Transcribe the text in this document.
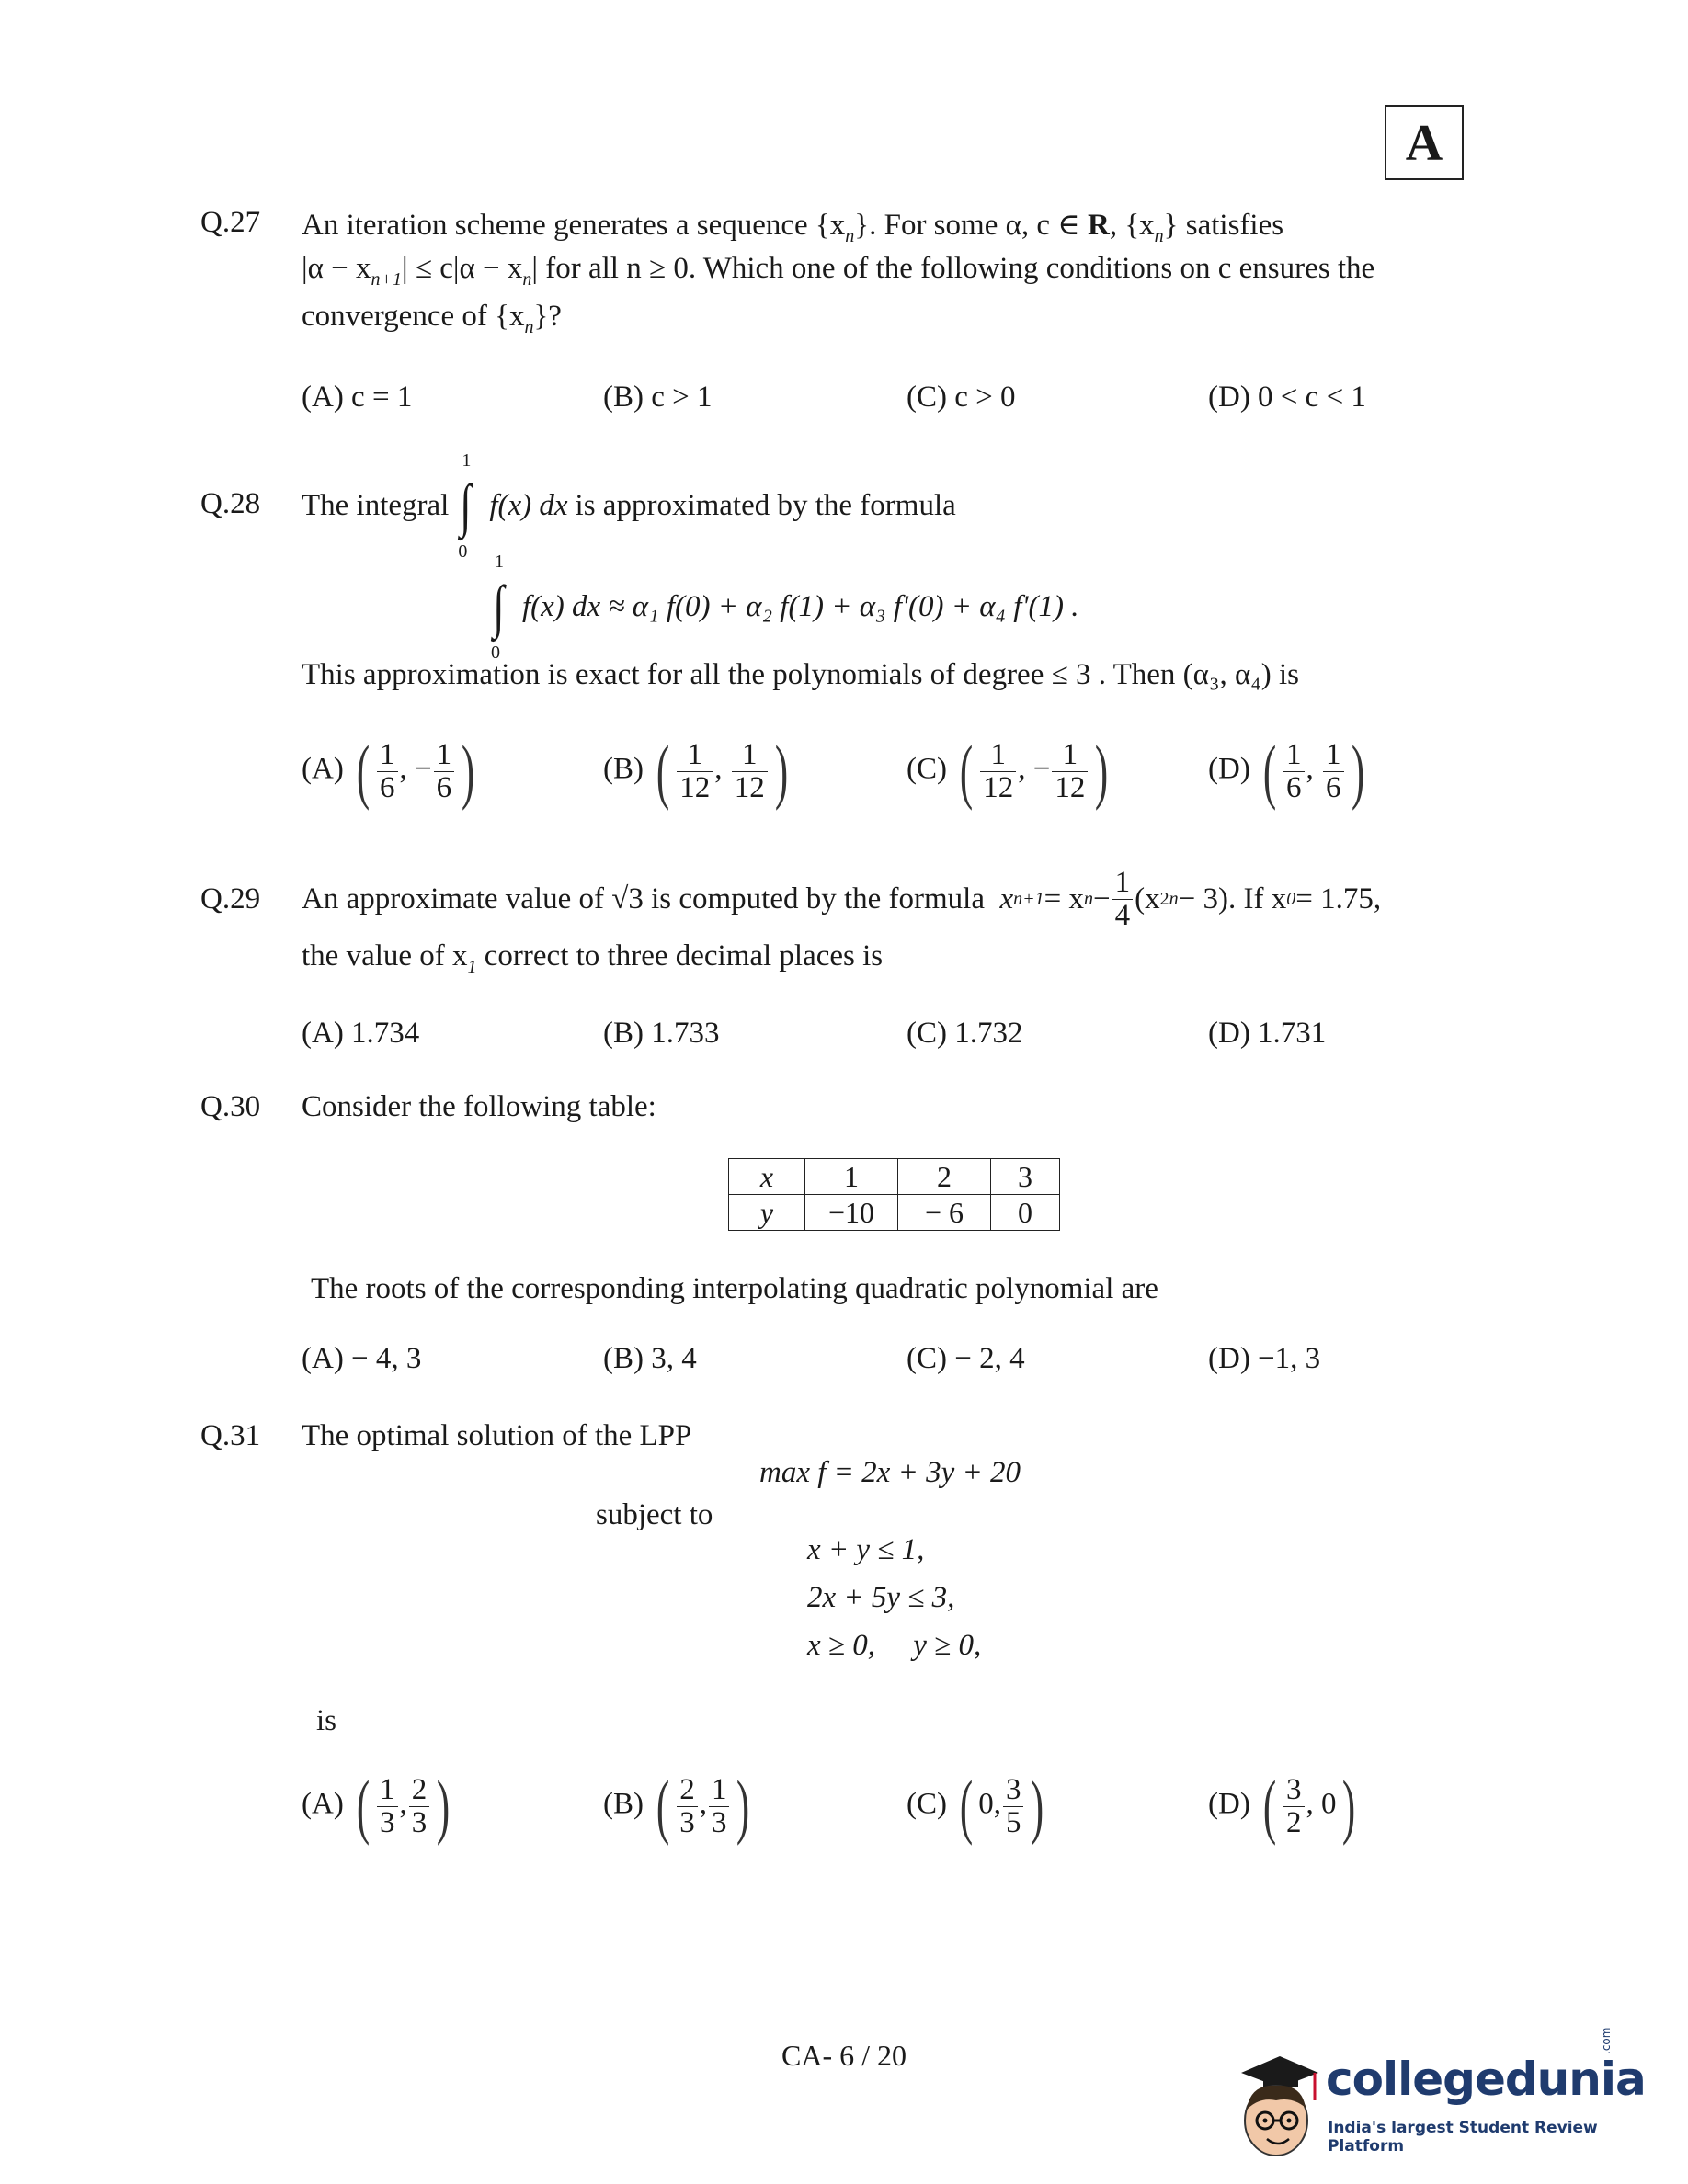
A
Q.27 An iteration scheme generates a sequence $\{x_n\}$. For some α, c ∈ R, $\{x_n\}$ satisfies
$|\alpha - x_{n+1}| \le c|\alpha - x_n|$ for all n ≥ 0. Which one of the following conditions on c ensures the
convergence of $\{x_n\}$?
(A) c = 1	(B) c > 1	(C) c > 0	(D) 0 < c < 1
Q.28 The integral ∫
1
0
f(x) dx is approximated by the formula
∫
1
0
f(x) dx ≈ α₁ f(0) + α₂ f(1) + α₃ f'(0) + α₄ f'(1) .
This approximation is exact for all the polynomials of degree ≤ 3 . Then (α₃, α₄) is
(A) ( $\frac{1}{6}$ , − $\frac{1}{6}$ )	(B) ( $\frac{1}{12}$ , $\frac{1}{12}$ )	(C) ( $\frac{1}{12}$ , − $\frac{1}{12}$ )	(D) ( $\frac{1}{6}$ , $\frac{1}{6}$ )
Q.29 An approximate value of √3 is computed by the formula
x n+1 = x $n - \frac{1}{4} (x$ 2 n − 3). If x 0 = 1.75,
the value of $x_1$ correct to three decimal places is
(A) 1.734	(B) 1.733	(C) 1.732	(D) 1.731
Q.30 Consider the following table:
x	1	2	3
y	−10	− 6	0
The roots of the corresponding interpolating quadratic polynomial are
(A) − 4, 3	(B) 3, 4	(C) − 2, 4	(D) −1, 3
Q.31 The optimal solution of the LPP
max f = 2x + 3y + 20
subject to
x + y ≤ 1,
2x + 5y ≤ 3,
x ≥ 0,     y ≥ 0,
is
(A) ( $\frac{1}{3}$ , $\frac{2}{3}$ )	(B) ( $\frac{2}{3}$ , $\frac{1}{3}$ )	(C) ( 0, $\frac{3}{5}$ )	(D) ( $\frac{3}{2}$ , 0)
CA- 6 / 20	collegedunia
.com
India's largest Student Review Platform
